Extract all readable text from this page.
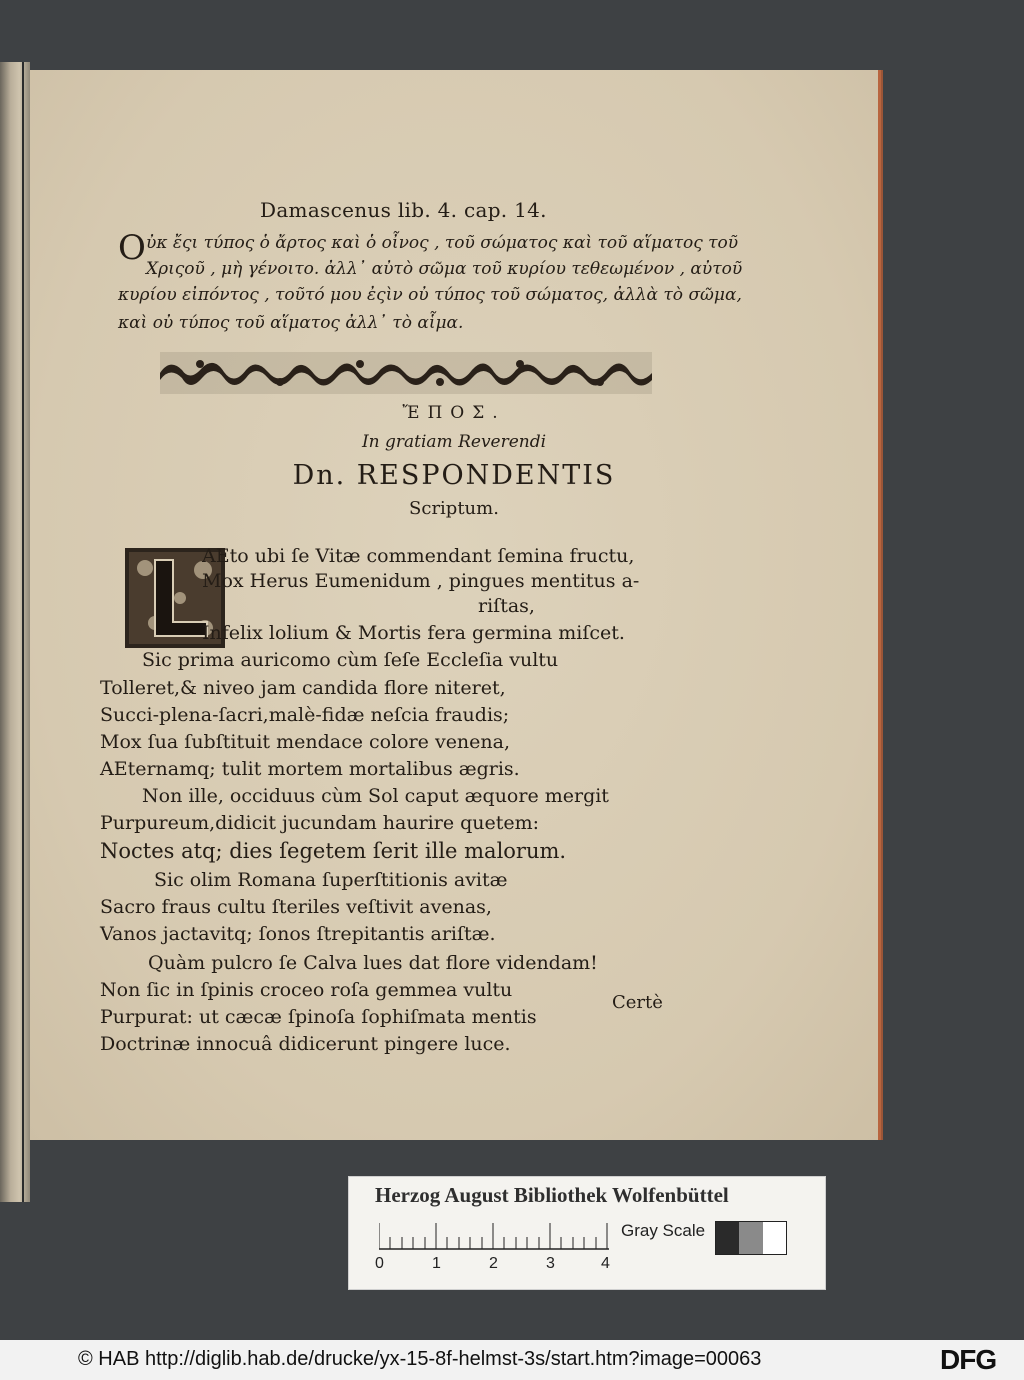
Damascenus lib. 4. cap. 14.
O ὐκ ἔςι τύπος ὁ ἄρτος καὶ ὁ οἶνος , τοῦ σώματος καὶ τοῦ αἵματος τοῦ
Χριςοῦ , μὴ γένοιτο. ἀλλ᾽ αὐτὸ σῶμα τοῦ κυρίου τεθεωμένον , αὐτοῦ
κυρίου εἰπόντος , τοῦτό μου ἐςὶν οὐ τύπος τοῦ σώματος, ἀλλὰ τὸ σῶμα,
καὶ οὐ τύπος τοῦ αἵματος ἀλλ᾽ τὸ αἷμα.
ἜΠΟΣ.
In gratiam Reverendi
Dn. RESPONDENTIS
Scriptum.
AEto ubi ſe Vitæ commendant ſemina fructu,
Mox Herus Eumenidum , pingues mentitus a-
riſtas,
Infelix lolium & Mortis fera germina miſcet.
Sic prima auricomo cùm ſeſe Eccleſia vultu
Tolleret,& niveo jam candida flore niteret,
Succi-plena-ſacri,malè-fidæ neſcia fraudis;
Mox ſua ſubſtituit mendace colore venena,
AEternamq; tulit mortem mortalibus ægris.
Non ille, occiduus cùm Sol caput æquore mergit
Purpureum,didicit jucundam haurire quetem:
Noctes atq; dies ſegetem ſerit ille malorum.
Sic olim Romana ſuperſtitionis avitæ
Sacro fraus cultu ſteriles veſtivit avenas,
Vanos jactavitq; ſonos ſtrepitantis ariſtæ.
Quàm pulcro ſe Calva lues dat flore videndam!
Non ſic in ſpinis croceo roſa gemmea vultu
Purpurat: ut cæcæ ſpinoſa ſophiſmata mentis
Doctrinæ innocuâ didicerunt pingere luce.
Certè
Herzog August Bibliothek Wolfenbüttel
0	1	2	3	4
Gray Scale
© HAB http://diglib.hab.de/drucke/yx-15-8f-helmst-3s/start.htm?image=00063	DFG
